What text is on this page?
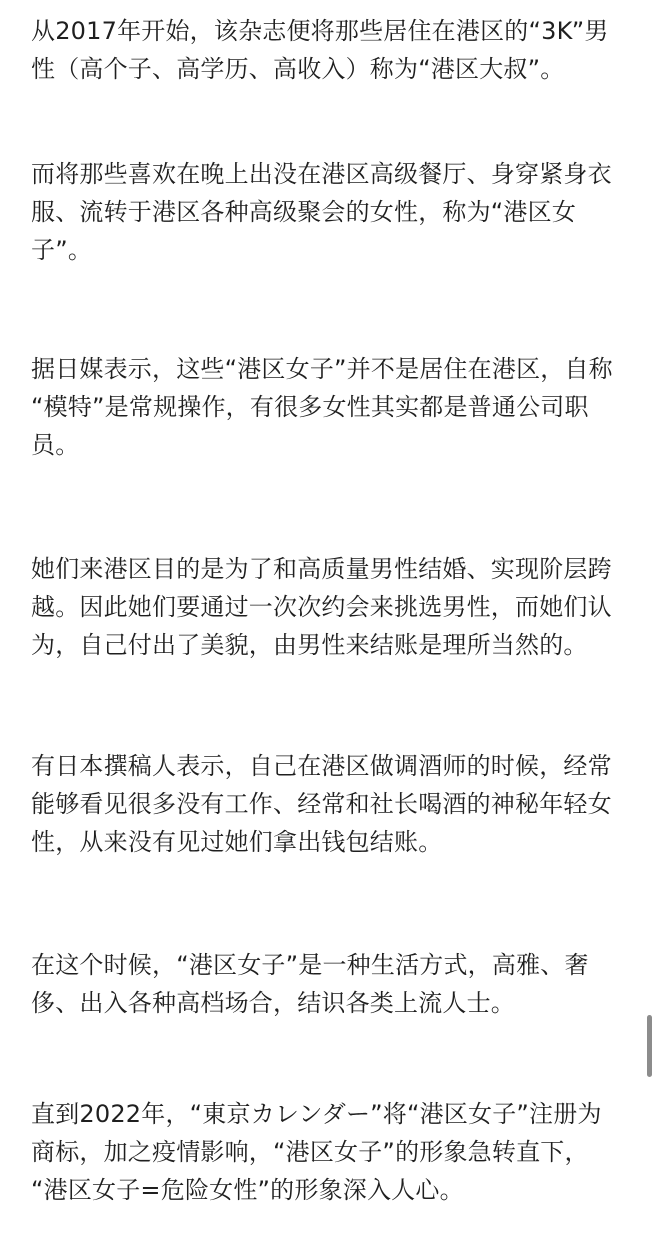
从2017年开始，该杂志便将那些居住在港区的“3K”男
性（高个子、高学历、高收入）称为“港区大叔”。

而将那些喜欢在晚上出没在港区高级餐厅、身穿紧身衣
服、流转于港区各种高级聚会的女性，称为“港区女
子”。

据日媒表示，这些“港区女子”并不是居住在港区，自称
“模特”是常规操作，有很多女性其实都是普通公司职
员。

她们来港区目的是为了和高质量男性结婚、实现阶层跨
越。因此她们要通过一次次约会来挑选男性，而她们认
为，自己付出了美貌，由男性来结账是理所当然的。

有日本撰稿人表示，自己在港区做调酒师的时候，经常
能够看见很多没有工作、经常和社长喝酒的神秘年轻女
性，从来没有见过她们拿出钱包结账。

在这个时候，“港区女子”是一种生活方式，高雅、奢
侈、出入各种高档场合，结识各类上流人士。

直到2022年，“東京カレンダー”将“港区女子”注册为
商标，加之疫情影响，“港区女子”的形象急转直下，
“港区女子=危险女性”的形象深入人心。
